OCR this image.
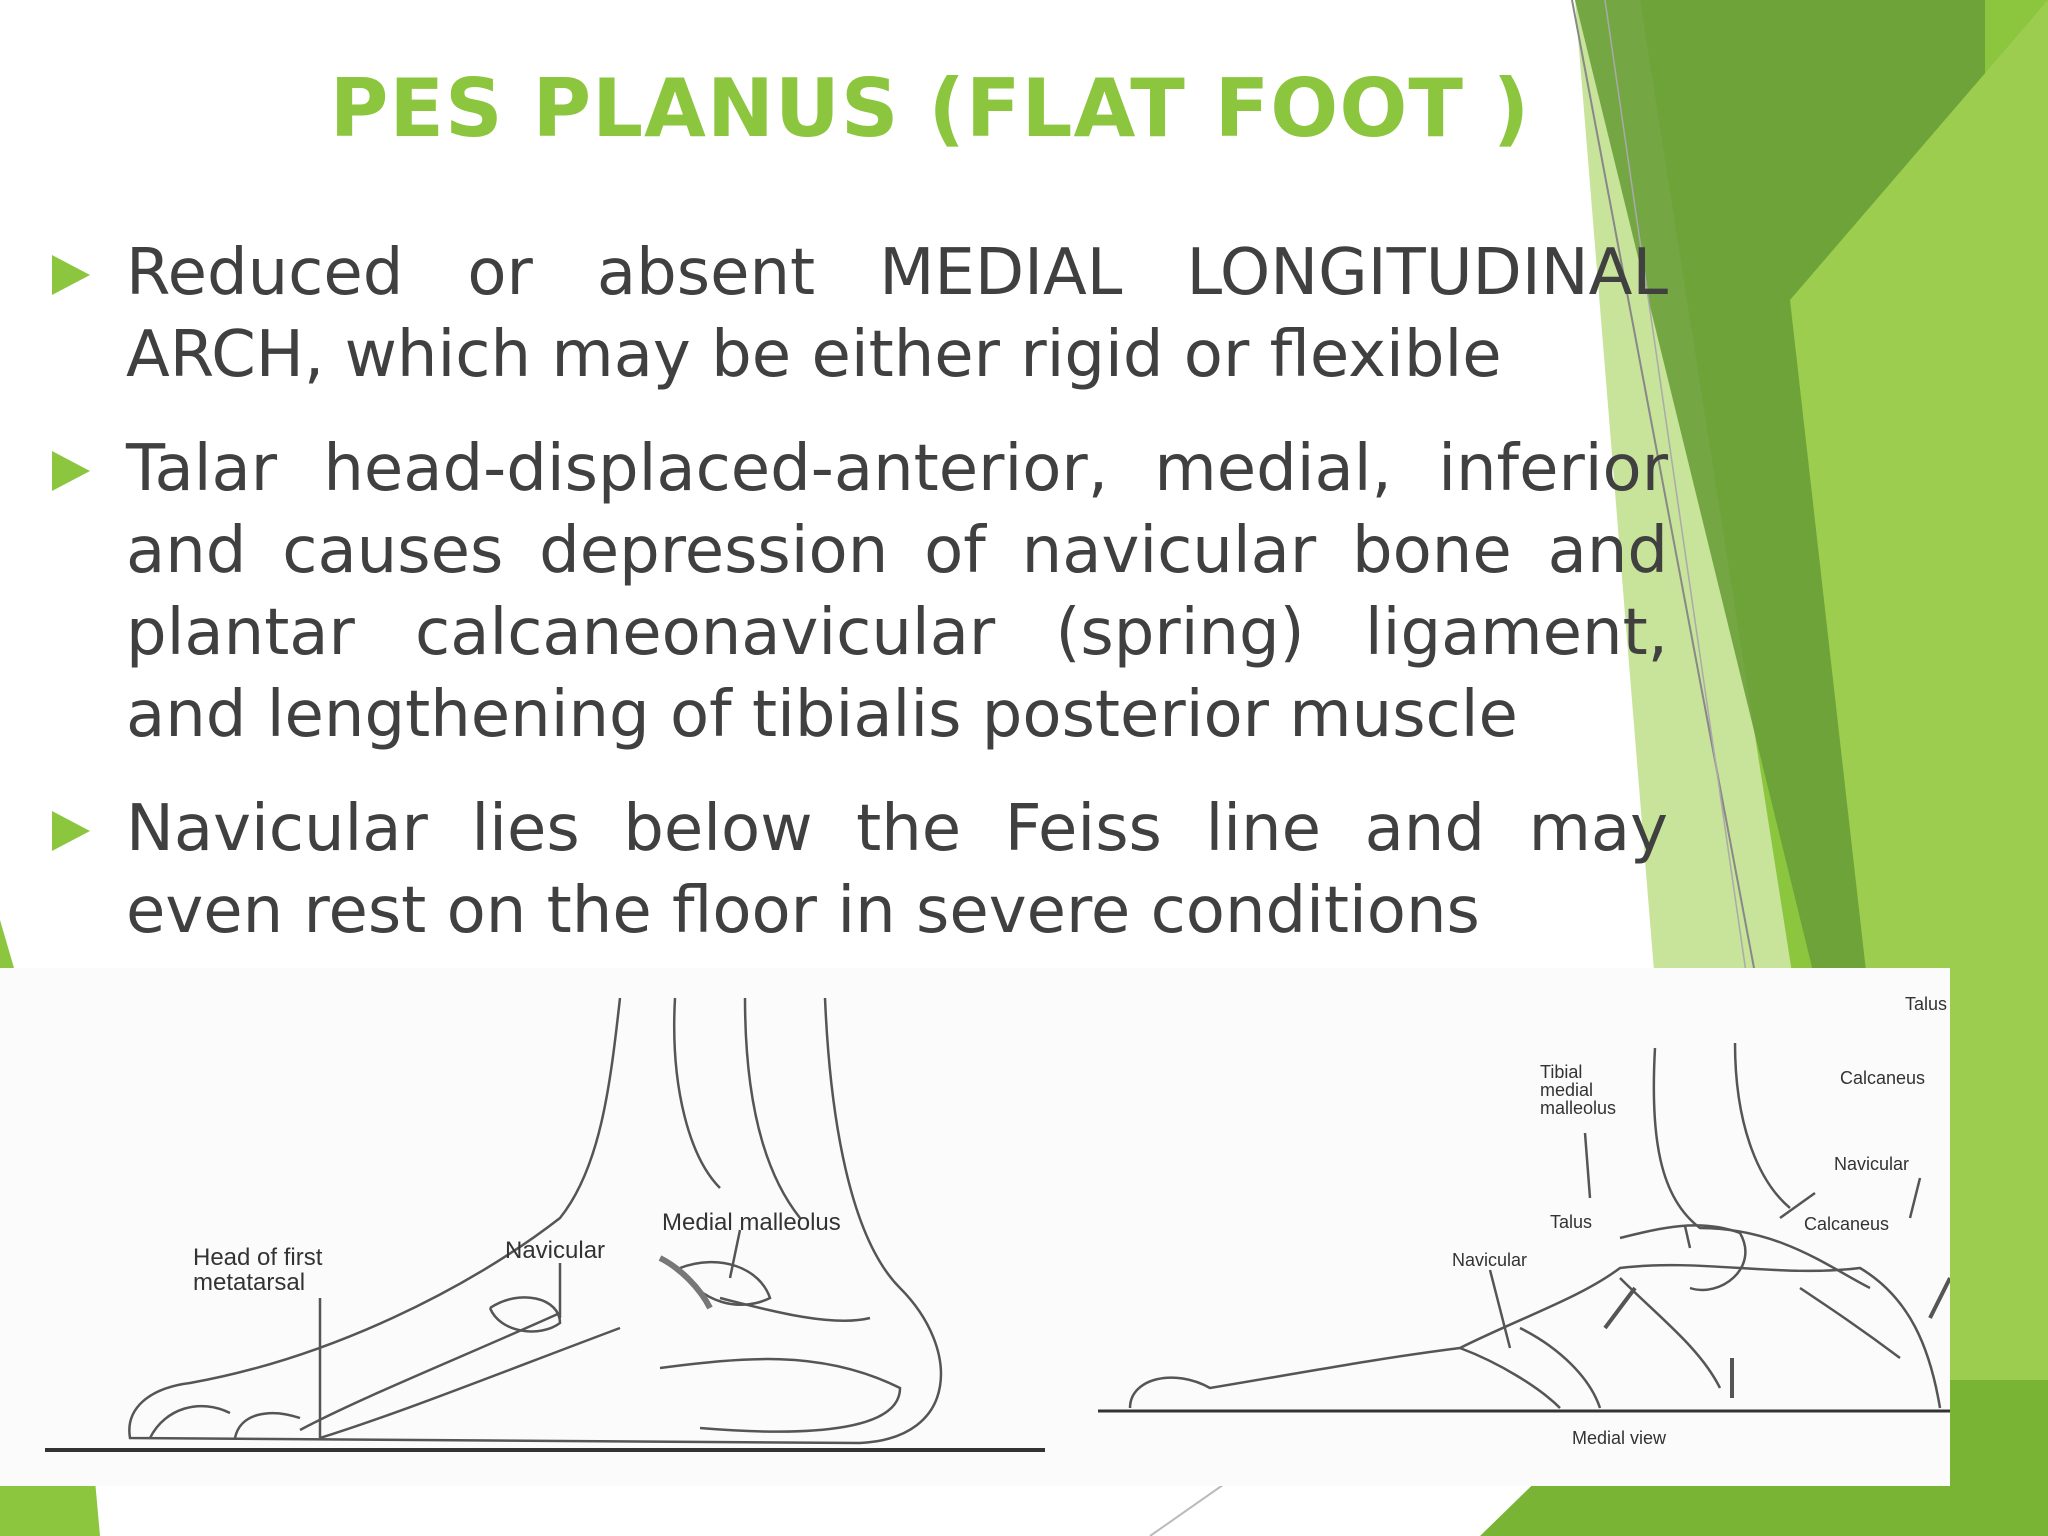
PES PLANUS (FLAT FOOT )
Reduced or absent MEDIAL LONGITUDINAL ARCH, which may be either rigid or flexible
Talar head-displaced-anterior, medial, inferior and causes depression of navicular bone and plantar calcaneonavicular (spring) ligament, and lengthening of tibialis posterior muscle
Navicular lies below the Feiss line and may even rest on the floor in severe conditions
Head of first
metatarsal
Navicular
Medial malleolus
Talus
Tibial
medial
malleolus
Calcaneus
Navicular
Talus	Calcaneus
Navicular
Medial view
